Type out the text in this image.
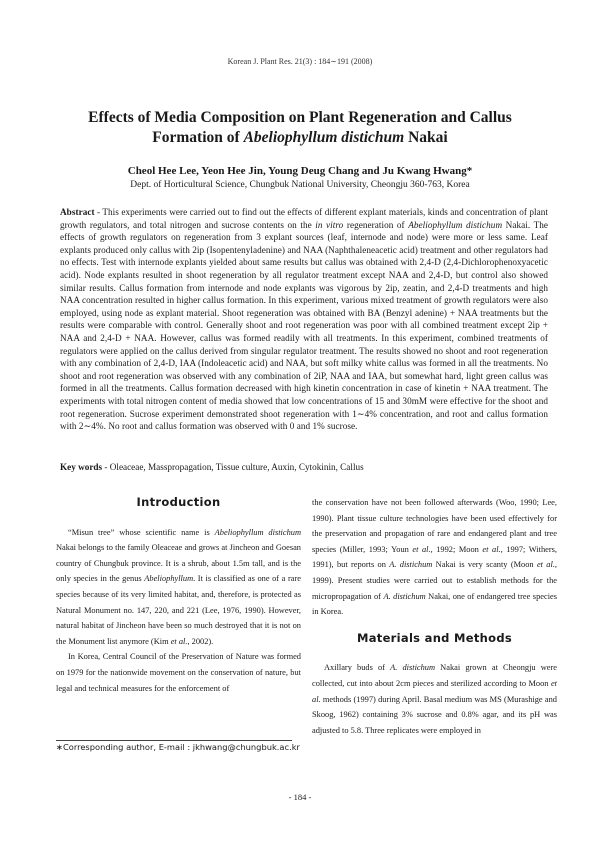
Korean J. Plant Res. 21(3) : 184∼191 (2008)
Effects of Media Composition on Plant Regeneration and Callus
Formation of Abeliophyllum distichum Nakai
Cheol Hee Lee, Yeon Hee Jin, Young Deug Chang and Ju Kwang Hwang*
Dept. of Horticultural Science, Chungbuk National University, Cheongju 360-763, Korea
Abstract - This experiments were carried out to find out the effects of different explant materials, kinds and concentration of plant growth regulators, and total nitrogen and sucrose contents on the in vitro regeneration of Abeliophyllum distichum Nakai. The effects of growth regulators on regeneration from 3 explant sources (leaf, internode and node) were more or less same. Leaf explants produced only callus with 2ip (Isopentenyladenine) and NAA (Naphthaleneacetic acid) treatment and other regulators had no effects. Test with internode explants yielded about same results but callus was obtained with 2,4-D (2,4-Dichlorophenoxyacetic acid). Node explants resulted in shoot regeneration by all regulator treatment except NAA and 2,4-D, but control also showed similar results. Callus formation from internode and node explants was vigorous by 2ip, zeatin, and 2,4-D treatments and high NAA concentration resulted in higher callus formation. In this experiment, various mixed treatment of growth regulators were also employed, using node as explant material. Shoot regeneration was obtained with BA (Benzyl adenine) + NAA treatments but the results were comparable with control. Generally shoot and root regeneration was poor with all combined treatment except 2ip + NAA and 2,4-D + NAA. However, callus was formed readily with all treatments. In this experiment, combined treatments of regulators were applied on the callus derived from singular regulator treatment. The results showed no shoot and root regeneration with any combination of 2,4-D, IAA (Indoleacetic acid) and NAA, but soft milky white callus was formed in all the treatments. No shoot and root regeneration was observed with any combination of 2iP, NAA and IAA, but somewhat hard, light green callus was formed in all the treatments. Callus formation decreased with high kinetin concentration in case of kinetin + NAA treatment. The experiments with total nitrogen content of media showed that low concentrations of 15 and 30mM were effective for the shoot and root regeneration. Sucrose experiment demonstrated shoot regeneration with 1∼4% concentration, and root and callus formation with 2∼4%. No root and callus formation was observed with 0 and 1% sucrose.
Key words - Oleaceae, Masspropagation, Tissue culture, Auxin, Cytokinin, Callus
Introduction

“Misun tree” whose scientific name is Abeliophyllum distichum Nakai belongs to the family Oleaceae and grows at Jincheon and Goesan country of Chungbuk province. It is a shrub, about 1.5m tall, and is the only species in the genus Abeliophyllum. It is classified as one of a rare species because of its very limited habitat, and, therefore, is protected as Natural Monument no. 147, 220, and 221 (Lee, 1976, 1990). However, natural habitat of Jincheon have been so much destroyed that it is not on the Monument list anymore (Kim et al., 2002).

In Korea, Central Council of the Preservation of Nature was formed on 1979 for the nationwide movement on the conservation of nature, but legal and technical measures for the enforcement of

the conservation have not been followed afterwards (Woo, 1990; Lee, 1990). Plant tissue culture technologies have been used effectively for the preservation and propagation of rare and endangered plant and tree species (Miller, 1993; Youn et al., 1992; Moon et al., 1997; Withers, 1991), but reports on A. distichum Nakai is very scanty (Moon et al., 1999). Present studies were carried out to establish methods for the micropropagation of A. distichum Nakai, one of endangered tree species in Korea.

Materials and Methods

Axillary buds of A. distichum Nakai grown at Cheongju were collected, cut into about 2cm pieces and sterilized according to Moon et al. methods (1997) during April. Basal medium was MS (Murashige and Skoog, 1962) containing 3% sucrose and 0.8% agar, and its pH was adjusted to 5.8. Three replicates were employed in

∗Corresponding author, E-mail : jkhwang@chungbuk.ac.kr
- 184 -
